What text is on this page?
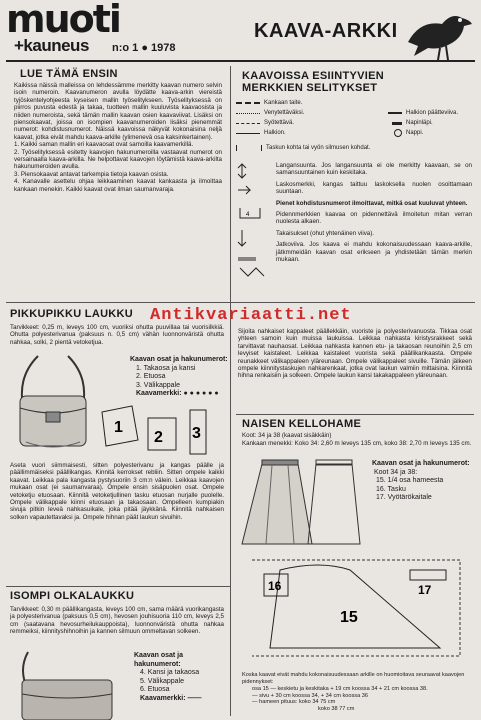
muoti
+kauneus n:o 1 ● 1978
KAAVA-ARKKI
LUE TÄMÄ ENSIN
Kaikissa näissä malleissa on lehdessämme merkitty kaavan numero selvin isoin numeroin. Kaavanumeron avulla löydätte kaava-arkin viereistä tyjöskentelyohjeesta kyseisen mallin työselitykseen. Työselityksessä on piirros puvusta edestä ja takaa, tuotteen mallin kuuluvista kaavaosista ja niiden numeroista, sekä tämän mallin kaavan osien kaavaviivat. Lisäksi on piensokaavat, joissa on isompien kaavanumeroiden lisäksi pienemmät numerot: kohdistusnumerot. Näissä kaavoissa näkyvät kokonaisina neljä kaavat, jotka eivät mahdu kaava-arkille (ylimenevä osa kaksinkertainen).
1. Kaikki saman mallin eri kaavaosat ovat samoilla kaavamerkillä.
2. Työselityksessä esitetty kaavojen hakunumeroilla vastaavat numerot on versainaalla kaava-arkilla. Ne helpottavat kaavojen löytämistä kaava-arkilta hakunumeroiden avulla.
3. Piensokaavat antavat tarkempia tietoja kaavan osista.
4. Kanavalle asettelu ohjaa leikkaaminen kaavat kankaasta ja ilmoittaa kankaan menekin. Kaikki kaavat ovat ilman saumanvaraja.
KAAVOISSA ESIINTYVIEN
MERKKIEN SELITYKSET
Kankaan taite.
Venytettäväksi.	Halkion päätteviiva.
Syötettävä.	Napinläpi.
Halkion.	Nappi.
Taskun kohta tai vyön silmusen kohdat.
4
Langansuunta. Jos langansuunta ei ole merkitty kaavaan, se on samansuuntainen kuin keskitaka.
Laskosmerkki, kangas taittuu laskoksella nuolen osoittamaan suuntaan.
Pienet kohdistusnumerot ilmoittavat, mitkä osat kuuluvat yhteen.
Pidennmerkkien kaavaa on pidennettävä ilmoitetun mitan verran nuolesta alkaen.
Takaisukset (ohut yhtenäinen viiva).
Jatkoviiva. Jos kaava ei mahdu kokonaisuudessaan kaava-arkille, jätkmmeidän kaavan osat erikseen ja yhdistetään tämän merkin mukaan.
Antikvariaatti.net
PIKKUPIKKU LAUKKU
Tarvikkeet: 0,25 m, leveys 100 cm, vuoriksi ohutta puuvillaa tai vuorisilkkiä. Ohutta polyesterivanua (paksuus n. 0,5 cm) vähän luonnonväristä ohutta nahkaa, solki, 2 pientä vetoketjua.
1
2 3
Kaavan osat ja hakunumerot:
1. Takaosa ja kansi
2. Etuosa
3. Välikappale
Kaavamerkki: ● ● ● ● ● ●
Aseta vuori siimmaisesti, sitten polyesterivanu ja kangas päälle ja päällimmäiseksi päällikangas. Kinnitä kerrokset rebliin. Sitten ompele kaikki kaavat. Leikkaa pala kangasta pystysuoriin 3 cm:n välein. Leikkaa kaavojen mukaan osat (ei saumanvaraa). Ompele ensin sisäpuolen osat. Ompele vetoketju etuosaan. Kiinnitä vetoketjullinen tasku etuosan nurjalle puolelle. Ompele välikappale kiinni etuosaan ja takaosaan. Ompelleen kumpiakin sivuja pitkin leveä nahkasuikale, joka pitää jäykkänä. Kiinnitä nahkaisen solken vapautettavaksi ja. Ompele hihnan päät laukun sivuihin.
ISOMPI OLKALAUKKU
Tarvikkeet: 0,30 m päällikangasta, leveys 100 cm, sama määrä vuorikangasta ja polyesterivanua (paksuus 0,5 cm), hevosen jouhisuoria 110 cm, leveys 2,5 cm (saatavana hevosurheilukauppoista), luonnonväristä ohutta nahkaa remmeiksi, kiinnityshihnoihin ja kannen silmuun ommeltavan solkeen.
Kaavan osat ja hakunumerot:
4. Kansi ja takaosa
5. Välikappale
6. Etuosa
Kaavamerkki: ——
Sijoita nahkaiset kappaleet päällekkäin, vuoriste ja polyesterivanuosta. Tikkaa osat yhteen samoin kuin muissa laukuissa. Leikkaa nahkasta kiristysrakkeet sekä tarvittavat nauhaosat. Leikkaa nahkasta kannen etu- ja takaosan reunoihin 2,5 cm levyiset kaistaleet. Leikkaa kaistaleet vuorista sekä päällikankaasta. Ompele reunakkeet välikappaleen yläreunaan. Ompele välikappaleet sivuille. Tämän jälkeen ompele kiinnitystaskujen nahkarenkaat, jotka ovat laukun valmiin mittaisina. Kiinnitä hihna renkaisiin ja solkeen. Ompele laukun kansi takakappaleen yläreunaan.
NAISEN KELLOHAME
Koot: 34 ja 38 (kaavat sisäkkäin)
Kankaan menekki: Koko 34: 2,60 m leveys 135 cm, koko 38: 2,70 m leveys 135 cm.
Kaavan osat ja hakunumerot:
Koot 34 ja 38:
15. 1/4 osa hameesta
16. Tasku
17. Vyötärökaitale
15
16	17
Koska kaavat eivät mahdu kokonaisuudessaan arkille on huomioitava seuraavat kaavojen pidennykset:
osa 15 — keskietu ja keskitaka + 19 cm koossa 34 + 21 cm koossa 38.
— sivu + 30 cm koossa 34, + 34 cm koossa 36
— hameen pituus: koko 34 75 cm
koko 38 77 cm
